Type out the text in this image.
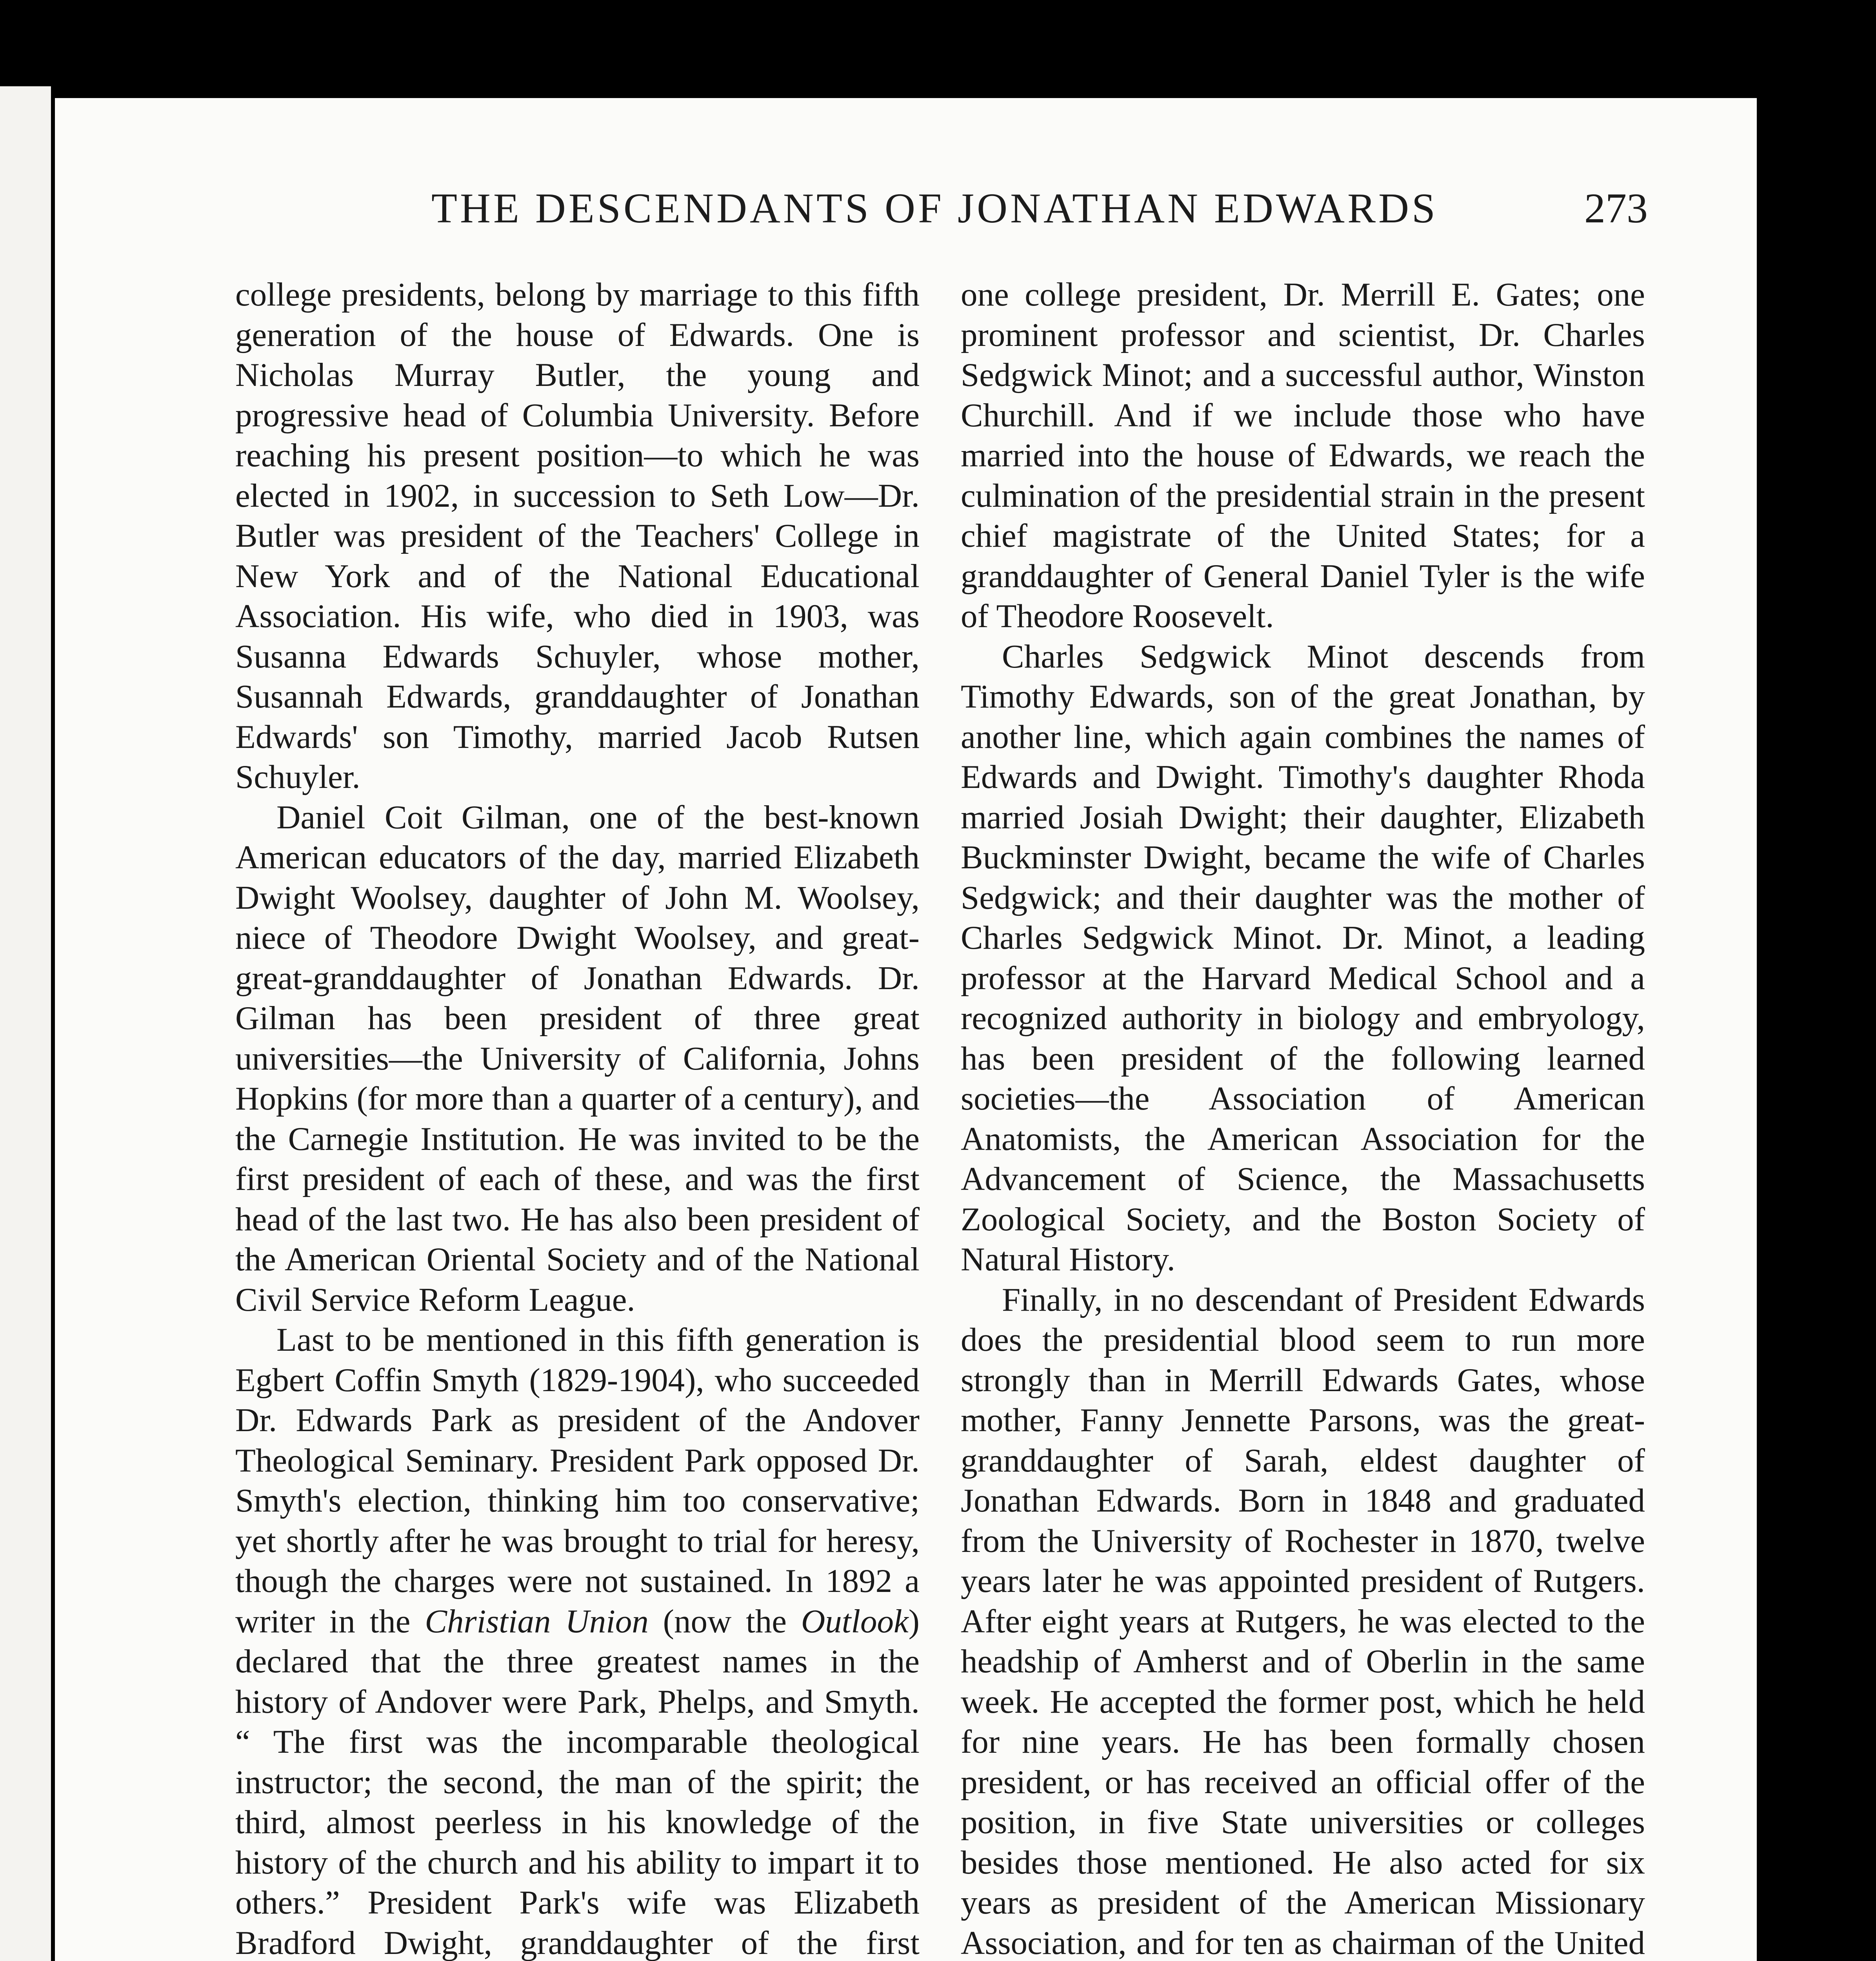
THE DESCENDANTS OF JONATHAN EDWARDS	273

college presidents, belong by marriage to this fifth generation of the house of Edwards. One is Nicholas Murray Butler, the young and progressive head of Columbia University. Before reaching his present position—to which he was elected in 1902, in succession to Seth Low—Dr. Butler was president of the Teachers' College in New York and of the National Educational Association. His wife, who died in 1903, was Susanna Edwards Schuyler, whose mother, Susannah Edwards, granddaughter of Jonathan Edwards' son Timothy, married Jacob Rutsen Schuyler.

Daniel Coit Gilman, one of the best-known American educators of the day, married Elizabeth Dwight Woolsey, daughter of John M. Woolsey, niece of Theodore Dwight Woolsey, and great-great-granddaughter of Jonathan Edwards. Dr. Gilman has been president of three great universities—the University of California, Johns Hopkins (for more than a quarter of a century), and the Carnegie Institution. He was invited to be the first president of each of these, and was the first head of the last two. He has also been president of the American Oriental Society and of the National Civil Service Reform League.

Last to be mentioned in this fifth generation is Egbert Coffin Smyth (1829-1904), who succeeded Dr. Edwards Park as president of the Andover Theological Seminary. President Park opposed Dr. Smyth's election, thinking him too conservative; yet shortly after he was brought to trial for heresy, though the charges were not sustained. In 1892 a writer in the Christian Union (now the Outlook) declared that the three greatest names in the history of Andover were Park, Phelps, and Smyth. “ The first was the incomparable theological instructor; the second, the man of the spirit; the third, almost peerless in his knowledge of the history of the church and his ability to impart it to others.” President Park's wife was Elizabeth Bradford Dwight, granddaughter of the first

one college president, Dr. Merrill E. Gates; one prominent professor and scientist, Dr. Charles Sedgwick Minot; and a successful author, Winston Churchill. And if we include those who have married into the house of Edwards, we reach the culmination of the presidential strain in the present chief magistrate of the United States; for a granddaughter of General Daniel Tyler is the wife of Theodore Roosevelt.

Charles Sedgwick Minot descends from Timothy Edwards, son of the great Jonathan, by another line, which again combines the names of Edwards and Dwight. Timothy's daughter Rhoda married Josiah Dwight; their daughter, Elizabeth Buckminster Dwight, became the wife of Charles Sedgwick; and their daughter was the mother of Charles Sedgwick Minot. Dr. Minot, a leading professor at the Harvard Medical School and a recognized authority in biology and embryology, has been president of the following learned societies—the Association of American Anatomists, the American Association for the Advancement of Science, the Massachusetts Zoological Society, and the Boston Society of Natural History.

Finally, in no descendant of President Edwards does the presidential blood seem to run more strongly than in Merrill Edwards Gates, whose mother, Fanny Jennette Parsons, was the great-granddaughter of Sarah, eldest daughter of Jonathan Edwards. Born in 1848 and graduated from the University of Rochester in 1870, twelve years later he was appointed president of Rutgers. After eight years at Rutgers, he was elected to the headship of Amherst and of Oberlin in the same week. He accepted the former post, which he held for nine years. He has been formally chosen president, or has received an official offer of the position, in five State universities or colleges besides those mentioned. He also acted for six years as president of the American Missionary Association, and for ten as chairman of the United
